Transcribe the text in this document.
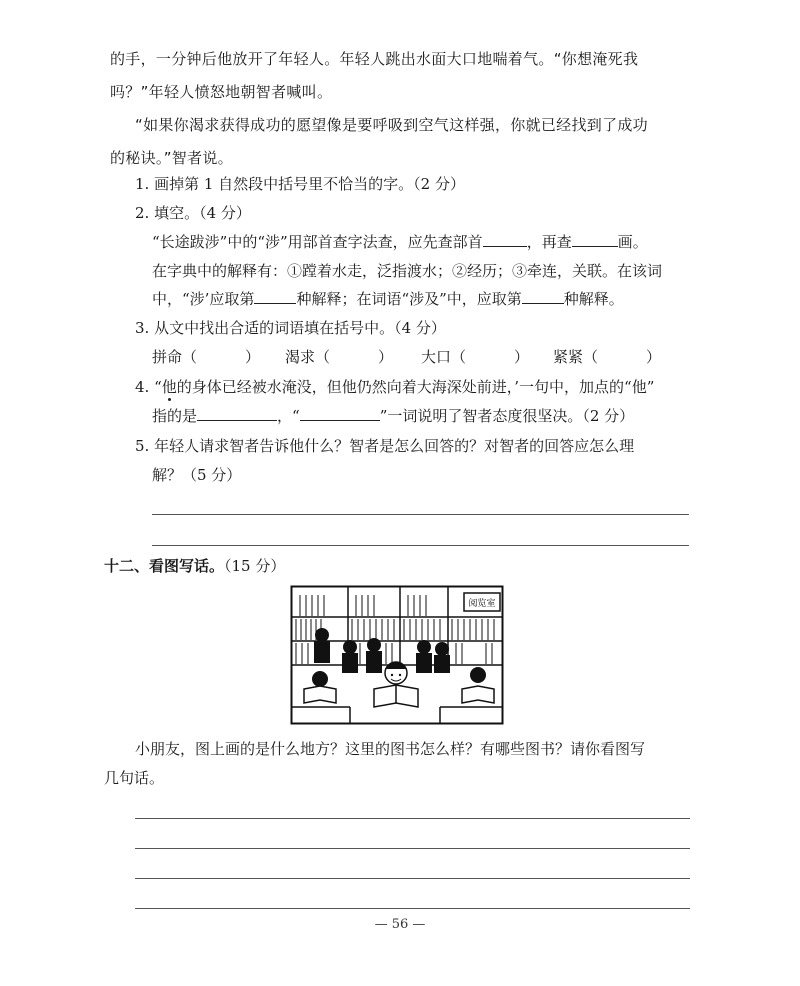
的手，一分钟后他放开了年轻人。年轻人跳出水面大口地喘着气。“你想淹死我
吗？”年轻人愤怒地朝智者喊叫。
“如果你渴求获得成功的愿望像是要呼吸到空气这样强，你就已经找到了成功
的秘诀。”智者说。
1. 画掉第 1 自然段中括号里不恰当的字。（2 分）
2. 填空。（4 分）
“长途跋涉”中的“涉”用部首查字法查，应先查部首	，再查	画。
在字典中的解释有：①蹚着水走，泛指渡水；②经历；③牵连，关联。在该词
中，“涉’应取第	种解释；在词语“涉及”中，应取第	种解释。
3. 从文中找出合适的词语填在括号中。（4 分）
拼命（	） 渴求（	） 大口（	） 紧紧（	）
4. “他的身体已经被水淹没，但他仍然向着大海深处前进，’一句中，加点的“他”
指的是	，“	”一词说明了智者态度很坚决。（2 分）
5. 年轻人请求智者告诉他什么？智者是怎么回答的？对智者的回答应怎么理
解？（5 分）
十二、看图写话。（15 分）
阅览室
小朋友，图上画的是什么地方？这里的图书怎么样？有哪些图书？请你看图写
几句话。
— 56 —
